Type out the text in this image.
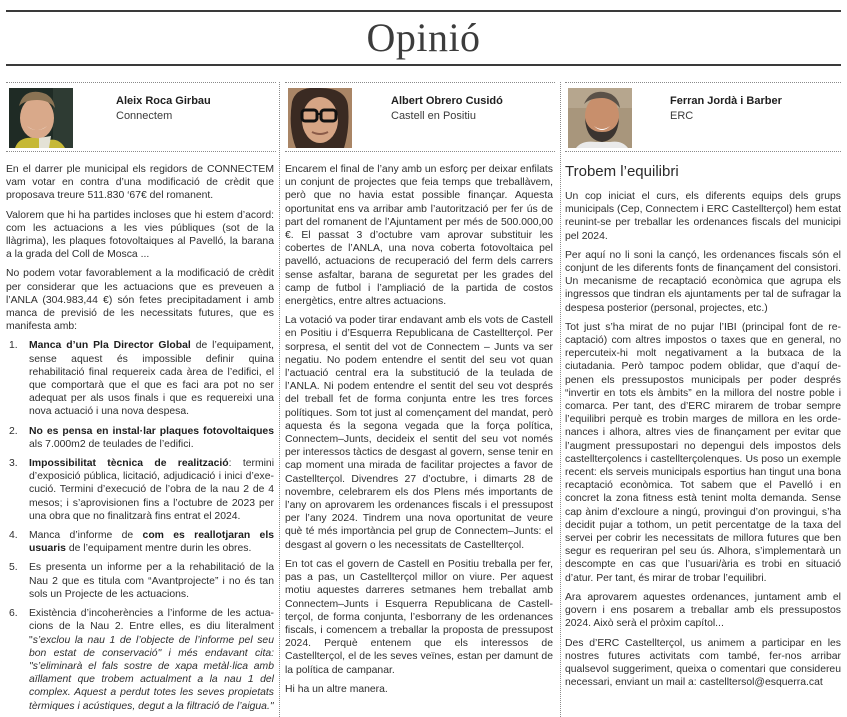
Opinió
Aleix Roca Girbau
Connectem

En el darrer ple municipal els regidors de CONNECTEM vam votar en contra d’una modificació de crèdit que proposava treure 511.830 ‘67€ del romanent.

Valorem que hi ha partides incloses que hi estem d’acord: com les actuacions a les vies públiques (sot de la llàgrima), les plaques fotovoltaiques al Pavelló, la barana a la grada del Coll de Mosca ...

No podem votar favorablement a la modificació de crèdit per considerar que les actuacions que es preveuen a l’ANLA (304.983,44 €) són fetes precipitadament i amb manca de previsió de les necessitats futures, que es manifesta amb:

1. Manca d’un Pla Director Global de l’equipament, sense aquest és impossible definir quina rehabilitació final requereix cada àrea de l’edifici, el que comportarà que el que es faci ara pot no ser adequat per als usos finals i que es requereixi una nova actuació i una nova despesa.
2. No es pensa en instal·lar plaques fotovoltaiques als 7.000m2 de teulades de l’edifici.
3. Impossibilitat tècnica de realització: termini d’exposició pública, licitació, adjudicació i inici d’execució. Termini d’execució de l’obra de la nau 2 de 4 mesos; i s’aprovisionen fins a l’octubre de 2023 per una obra que no finalitzarà fins entrat el 2024.
4. Manca d’informe de com es reallotjaran els usuaris de l’equipament mentre durin les obres.
5. Es presenta un informe per a la rehabilitació de la Nau 2 que es titula com “Avantprojecte” i no és tan sols un Projecte de les actuacions.
6. Existència d’incoherències a l’informe de les actuacions de la Nau 2. Entre elles, es diu literalment "s’exclou la nau 1 de l’objecte de l’informe pel seu bon estat de conservació" i més endavant cita: "s’eliminarà el fals sostre de xapa metàl·lica amb aïllament que trobem actualment a la nau 1 del complex. Aquest a perdut totes les seves propietats tèrmiques i acústiques, degut a la filtració de l’aigua."
Albert Obrero Cusidó
Castell en Positiu

Encarem el final de l’any amb un esforç per deixar enfilats un conjunt de projectes que feia temps que treballàvem, però que no havia estat possible finançar. Aquesta oportunitat ens va arribar amb l’autorització per fer ús de part del romanent de l’Ajuntament per més de 500.000,00 €. El passat 3 d’octubre vam aprovar substituir les cobertes de l’ANLA, una nova coberta fotovoltaica pel pavelló, actuacions de recuperació del ferm dels carrers sense asfaltar, barana de seguretat per les grades del camp de futbol i l’ampliació de la partida de costos energètics, entre altres actuacions.

La votació va poder tirar endavant amb els vots de Castell en Positiu i d’Esquerra Republicana de Castellterçol. Per sorpresa, el sentit del vot de Connectem – Junts va ser negatiu. No podem entendre el sentit del seu vot quan l’actuació central era la substitució de la teulada de l’ANLA. Ni podem entendre el sentit del seu vot després del treball fet de forma conjunta entre les tres forces polítiques. Som tot just al començament del mandat, però aquesta és la segona vegada que la força política, Connectem–Junts, decideix el sentit del seu vot només per interessos tàctics de desgast al govern, sense tenir en cap moment una mirada de facilitar projectes a favor de Castellterçol. Divendres 27 d’octubre, i dimarts 28 de novembre, celebrarem els dos Plens més importants de l’any on aprovarem les ordenances fiscals i el pressupost per l’any 2024. Tindrem una nova oportunitat de veure què té més importància pel grup de Connectem–Junts: el desgast al govern o les necessitats de Castellterçol.

En tot cas el govern de Castell en Positiu treballa per fer, pas a pas, un Castellterçol millor on viure. Per aquest motiu aquestes darreres setmanes hem treballat amb Connectem–Junts i Esquerra Republicana de Castellterçol, de forma conjunta, l’esborrany de les ordenances fiscals, i comencem a treballar la proposta de pressupost 2024. Perquè entenem que els interessos de Castellterçol, el de les seves veïnes, estan per damunt de la política de campanar.

Hi ha un altre manera.

Ferran Jordà i Barber
ERC
Trobem l’equilibri

Un cop iniciat el curs, els diferents equips dels grups municipals (Cep, Connectem i ERC Castellterçol) hem estat reunint-se per treballar les ordenances fiscals del municipi pel 2024.

Per aquí no li soni la cançó, les ordenances fiscals són el conjunt de les diferents fonts de finançament del consistori. Un mecanisme de recaptació econòmica que agrupa els ingressos que tindran els ajuntaments per tal de sufragar la despesa posterior (personal, projectes, etc.)

Tot just s’ha mirat de no pujar l’IBI (principal font de recaptació) com altres impostos o taxes que en general, no repercuteix-hi molt negativament a la butxaca de la ciutadania. Però tampoc podem oblidar, que d’aquí depenen els pressupostos municipals per poder després “invertir en tots els àmbits” en la millora del nostre poble i comarca. Per tant, des d’ERC mirarem de trobar sempre l’equilibri perquè es trobin marges de millora en les ordenances i alhora, altres vies de finançament per evitar que l’augment pressupostari no depengui dels impostos dels castellterçolencs i castellterçolenques. Us poso un exemple recent: els serveis municipals esportius han tingut una bona recaptació econòmica. Tot sabem que el Pavelló i en concret la zona fitness està tenint molta demanda. Sense cap ànim d’excloure a ningú, provingui d’on provingui, s’ha decidit pujar a tothom, un petit percentatge de la taxa del servei per cobrir les necessitats de millora futures que ben segur es requeriran pel seu ús. Alhora, s’implementarà un descompte en cas que l’usuari/ària es trobi en situació d’atur. Per tant, és mirar de trobar l’equilibri.

Ara aprovarem aquestes ordenances, juntament amb el govern i ens posarem a treballar amb els pressupostos 2024. Això serà el pròxim capítol...

Des d’ERC Castellterçol, us animem a participar en les nostres futures activitats com també, fer-nos arribar qualsevol suggeriment, queixa o comentari que considereu necessari, enviant un mail a: castelltersol@esquerra.cat
